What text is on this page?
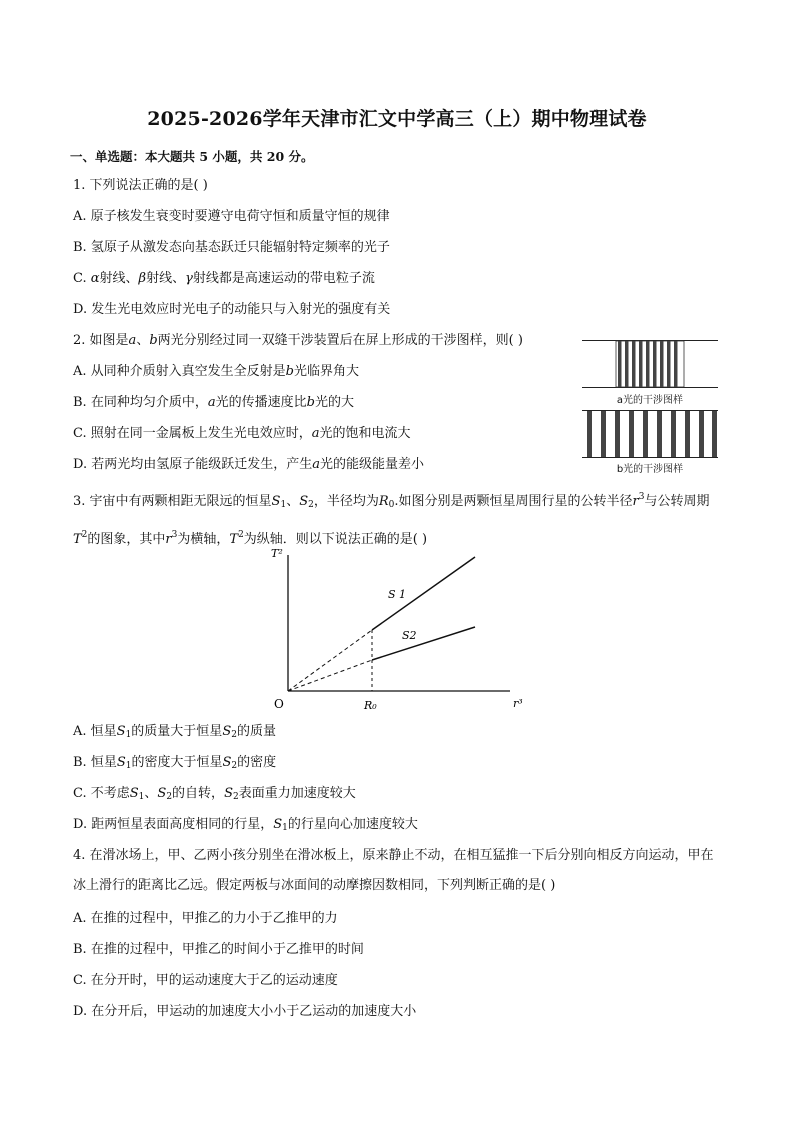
2025-2026学年天津市汇文中学高三（上）期中物理试卷
一、单选题：本大题共 5 小题，共 20 分。
1. 下列说法正确的是( )
A. 原子核发生衰变时要遵守电荷守恒和质量守恒的规律
B. 氢原子从激发态向基态跃迁只能辐射特定频率的光子
C. α射线、β射线、γ射线都是高速运动的带电粒子流
D. 发生光电效应时光电子的动能只与入射光的强度有关
2. 如图是a、b两光分别经过同一双缝干涉装置后在屏上形成的干涉图样，则( )
A. 从同种介质射入真空发生全反射是b光临界角大
B. 在同种均匀介质中，a光的传播速度比b光的大
C. 照射在同一金属板上发生光电效应时，a光的饱和电流大
D. 若两光均由氢原子能级跃迁发生，产生a光的能级能量差小
a光的干涉图样
b光的干涉图样
3. 宇宙中有两颗相距无限远的恒星$S_1$、$S_2$，半径均为$R_0$.如图分别是两颗恒星周围行星的公转半径$r^3$与公转周期$T^2$的图象，其中$r^3$为横轴，$T^2$为纵轴．则以下说法正确的是( )
T²
r³
O	R₀
S 1
S2
A. 恒星$S_1$的质量大于恒星$S_2$的质量
B. 恒星$S_1$的密度大于恒星$S_2$的密度
C. 不考虑$S_1$、$S_2$的自转，$S_2$表面重力加速度较大
D. 距两恒星表面高度相同的行星，$S_1$的行星向心加速度较大
4. 在滑冰场上，甲、乙两小孩分别坐在滑冰板上，原来静止不动，在相互猛推一下后分别向相反方向运动，甲在冰上滑行的距离比乙远。假定两板与冰面间的动摩擦因数相同，下列判断正确的是( )
A. 在推的过程中，甲推乙的力小于乙推甲的力
B. 在推的过程中，甲推乙的时间小于乙推甲的时间
C. 在分开时，甲的运动速度大于乙的运动速度
D. 在分开后，甲运动的加速度大小小于乙运动的加速度大小
